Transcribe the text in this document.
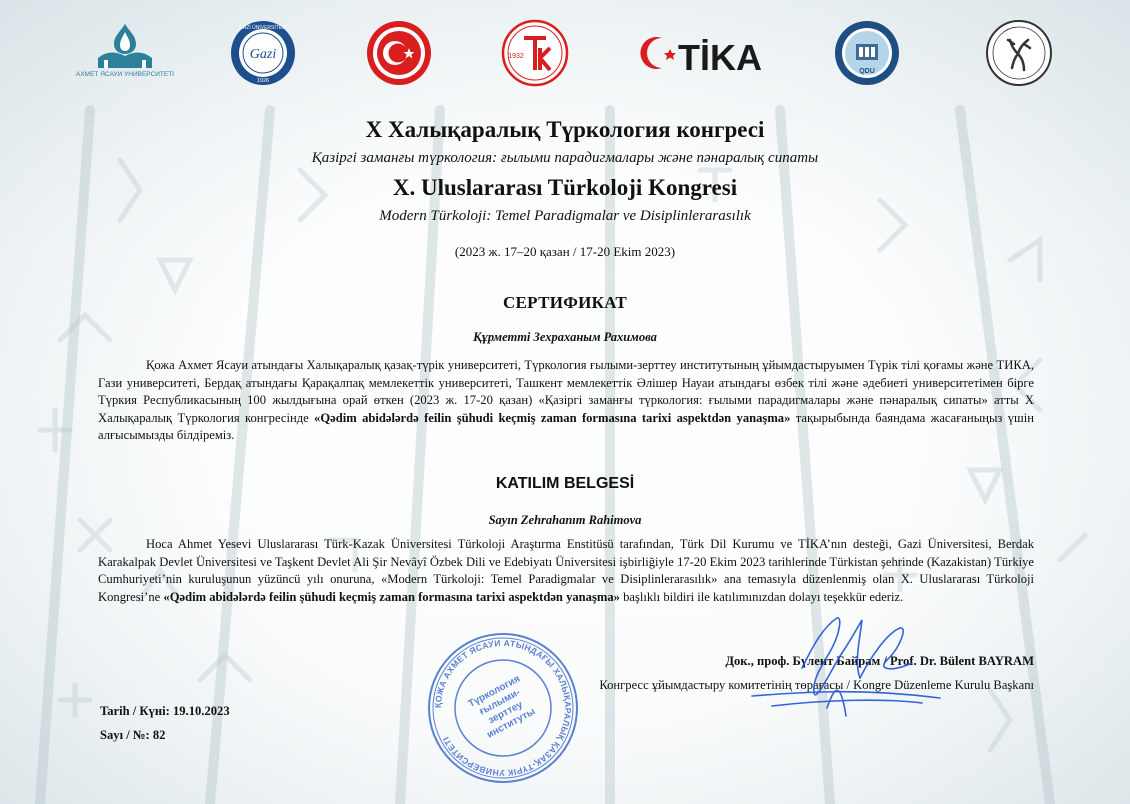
АХМЕТ ЯСАУИ УНИВЕРСИТЕТІ
Gazi
GAZİ ÜNİVERSİTESİ
1926
1932	TİKA	QDU
X Халықаралық Түркология конгресі
Қазіргі заманғы түркология: ғылыми парадигмалары және пәнаралық сипаты
X. Uluslararası Türkoloji Kongresi
Modern Türkoloji: Temel Paradigmalar ve Disiplinlerarasılık
(2023 ж. 17–20 қазан / 17-20 Ekim 2023)
СЕРТИФИКАТ
Құрметті Зехраханым Рахимова
Қожа Ахмет Ясауи атындағы Халықаралық қазақ-түрік университеті, Түркология ғылыми-зерттеу институтының ұйымдастыруымен Түрік тілі қоғамы және ТИКА, Гази университеті, Бердақ атындағы Қарақалпақ мемлекеттік университеті, Ташкент мемлекеттік Әлішер Науаи атындағы өзбек тілі және әдебиеті университетімен бірге Түркия Республикасының 100 жылдығына орай өткен (2023 ж. 17-20 қазан) «Қазіргі заманғы түркология: ғылыми парадигмалары және пәнаралық сипаты» атты X Халықаралық Түркология конгресінде «Qədim abidələrdə feilin şühudi keçmiş zaman formasına tarixi aspektdən yanaşma» тақырыбында баяндама жасағаныңыз үшін алғысымызды білдіреміз.
KATILIM BELGESİ
Sayın Zehrahanım Rahimova
Hoca Ahmet Yesevi Uluslararası Türk-Kazak Üniversitesi Türkoloji Araştırma Enstitüsü tarafından, Türk Dil Kurumu ve TİKA’nın desteği, Gazi Üniversitesi, Berdak Karakalpak Devlet Üniversitesi ve Taşkent Devlet Ali Şir Nevâyî Özbek Dili ve Edebiyatı Üniversitesi işbirliğiyle 17-20 Ekim 2023 tarihlerinde Türkistan şehrinde (Kazakistan) Türkiye Cumhuriyeti’nin kuruluşunun yüzüncü yılı onuruna, «Modern Türkoloji: Temel Paradigmalar ve Disiplinlerarasılık» ana temasıyla düzenlenmiş olan X. Uluslararası Türkoloji Kongresi’ne «Qədim abidələrdə feilin şühudi keçmiş zaman formasına tarixi aspektdən yanaşma» başlıklı bildiri ile katılımınızdan dolayı teşekkür ederiz.
ҚОЖА АХМЕТ ЯСАУИ АТЫНДАҒЫ ХАЛЫҚАРАЛЫҚ ҚАЗАҚ-ТҮРІК УНИВЕРСИТЕТІ
Түркология ғылыми-зерттеу институты
Док., проф. Бүлент Байрам / Prof. Dr. Bülent BAYRAM
Конгресс ұйымдастыру комитетінің төрағасы / Kongre Düzenleme Kurulu Başkanı
Tarih / Күні: 19.10.2023
Sayı / №: 82
